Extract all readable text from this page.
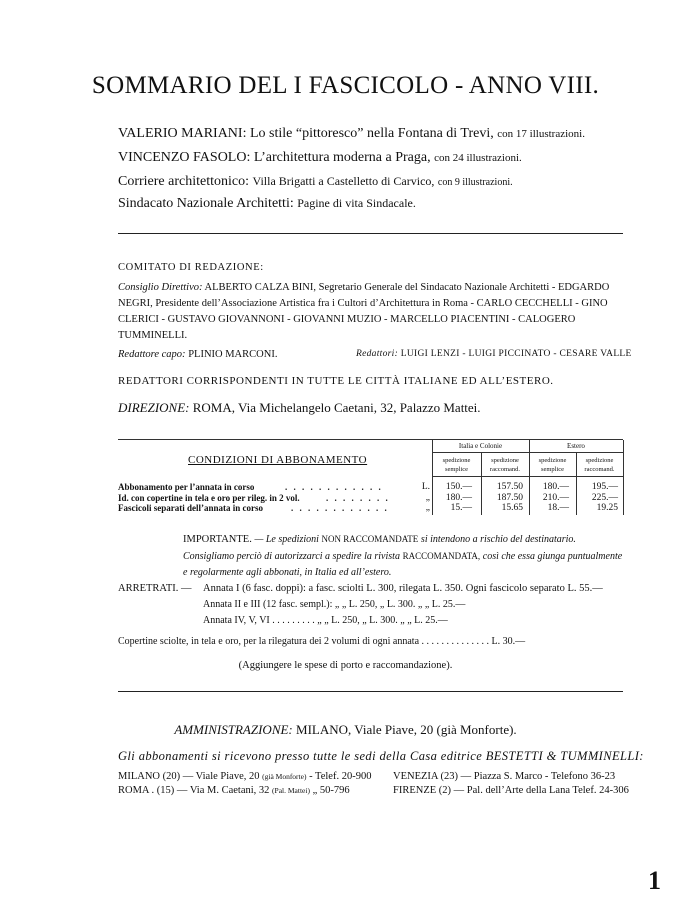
SOMMARIO DEL I FASCICOLO - ANNO VIII.
VALERIO MARIANI: Lo stile “pittoresco” nella Fontana di Trevi, con 17 illustrazioni.
VINCENZO FASOLO: L’architettura moderna a Praga, con 24 illustrazioni.
Corriere architettonico: Villa Brigatti a Castelletto di Carvico, con 9 illustrazioni.
Sindacato Nazionale Architetti: Pagine di vita Sindacale.
COMITATO DI REDAZIONE:
Consiglio Direttivo: ALBERTO CALZA BINI, Segretario Generale del Sindacato Nazionale Architetti - EDGARDO NEGRI, Presidente dell’Associazione Artistica fra i Cultori d’Architettura in Roma - CARLO CECCHELLI - GINO CLERICI - GUSTAVO GIOVANNONI - GIOVANNI MUZIO - MARCELLO PIACENTINI - CALOGERO TUMMINELLI.
Redattore capo: PLINIO MARCONI.	Redattori: LUIGI LENZI - LUIGI PICCINATO - CESARE VALLE
REDATTORI CORRISPONDENTI IN TUTTE LE CITTÀ ITALIANE ED ALL’ESTERO.
DIREZIONE: ROMA, Via Michelangelo Caetani, 32, Palazzo Mattei.
CONDIZIONI DI ABBONAMENTO
Italia e Colonie	Estero
spedizione
semplice
spedizione
raccomand.
spedizione
semplice
spedizione
raccomand.
Abbonamento per l’annata in corso	. . . . . . . . . . . .	L.	150.—	157.50	180.—	195.—
Id. con copertine in tela e oro per rileg. in 2 vol.	. . . . . . . .	„	180.—	187.50	210.—	225.—
Fascicoli separati dell’annata in corso	. . . . . . . . . . . .	„	15.—	15.65	18.—	19.25
IMPORTANTE. — Le spedizioni NON RACCOMANDATE si intendono a rischio del destinatario. Consigliamo perciò di autorizzarci a spedire la rivista RACCOMANDATA, così che essa giunga puntualmente e regolarmente agli abbonati, in Italia ed all’estero.
ARRETRATI. — Annata I (6 fasc. doppi): a fasc. sciolti L. 300, rilegata L. 350. Ogni fascicolo separato L. 55.—
Annata II e III (12 fasc. sempl.): „ „ L. 250, „ L. 300. „ „ L. 25.—
Annata IV, V, VI . . . . . . . . . „ „ L. 250, „ L. 300. „ „ L. 25.—
Copertine sciolte, in tela e oro, per la rilegatura dei 2 volumi di ogni annata . . . . . . . . . . . . . . L. 30.—
(Aggiungere le spese di porto e raccomandazione).
AMMINISTRAZIONE: MILANO, Viale Piave, 20 (già Monforte).
Gli abbonamenti si ricevono presso tutte le sedi della Casa editrice BESTETTI & TUMMINELLI:
MILANO (20) — Viale Piave, 20 (già Monforte) - Telef. 20-900
ROMA . (15) — Via M. Caetani, 32 (Pal. Mattei) „ 50-796
VENEZIA (23) — Piazza S. Marco - Telefono 36-23
FIRENZE (2) — Pal. dell’Arte della Lana Telef. 24-306
1
